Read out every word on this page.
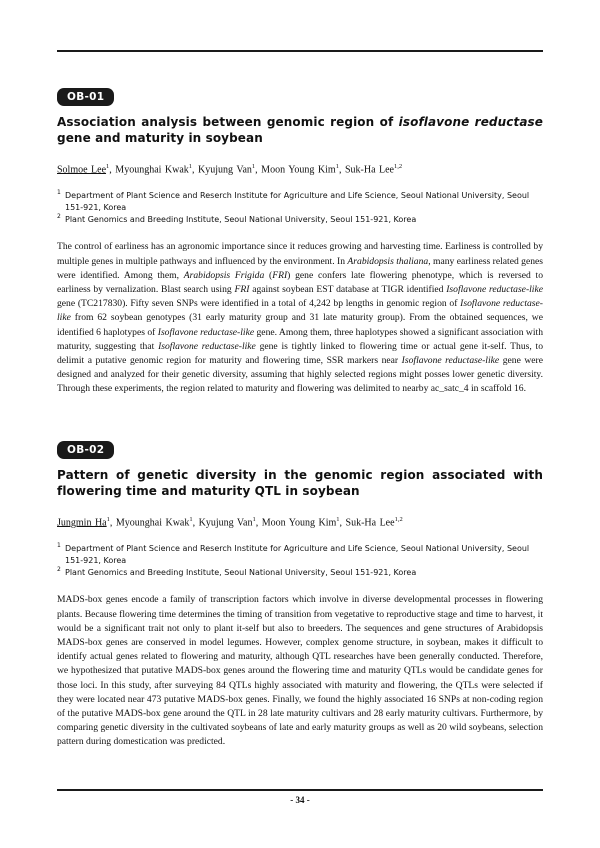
OB-01
Association analysis between genomic region of isoflavone reductase gene and maturity in soybean
Solmoe Lee$^1$, Myounghai Kwak$^1$, Kyujung Van$^1$, Moon Young Kim$^1$, Suk-Ha Lee$^{1,2}$
1 Department of Plant Science and Reserch Institute for Agriculture and Life Science, Seoul National University, Seoul 151-921, Korea
2 Plant Genomics and Breeding Institute, Seoul National University, Seoul 151-921, Korea
The control of earliness has an agronomic importance since it reduces growing and harvesting time. Earliness is controlled by multiple genes in multiple pathways and influenced by the environment. In Arabidopsis thaliana, many earliness related genes were identified. Among them, Arabidopsis Frigida (FRI) gene confers late flowering phenotype, which is reversed to earliness by vernalization. Blast search using FRI against soybean EST database at TIGR identified Isoflavone reductase-like gene (TC217830). Fifty seven SNPs were identified in a total of 4,242 bp lengths in genomic region of Isoflavone reductase-like from 62 soybean genotypes (31 early maturity group and 31 late maturity group). From the obtained sequences, we identified 6 haplotypes of Isoflavone reductase-like gene. Among them, three haplotypes showed a significant association with maturity, suggesting that Isoflavone reductase-like gene is tightly linked to flowering time or actual gene it-self. Thus, to delimit a putative genomic region for maturity and flowering time, SSR markers near Isoflavone reductase-like gene were designed and analyzed for their genetic diversity, assuming that highly selected regions might posses lower genetic diversity. Through these experiments, the region related to maturity and flowering was delimited to nearby ac_satc_4 in scaffold 16.
OB-02
Pattern of genetic diversity in the genomic region associated with flowering time and maturity QTL in soybean
Jungmin Ha$^1$, Myounghai Kwak$^1$, Kyujung Van$^1$, Moon Young Kim$^1$, Suk-Ha Lee$^{1,2}$
1 Department of Plant Science and Reserch Institute for Agriculture and Life Science, Seoul National University, Seoul 151-921, Korea
2 Plant Genomics and Breeding Institute, Seoul National University, Seoul 151-921, Korea
MADS-box genes encode a family of transcription factors which involve in diverse developmental processes in flowering plants. Because flowering time determines the timing of transition from vegetative to reproductive stage and time to harvest, it would be a significant trait not only to plant it-self but also to breeders. The sequences and gene structures of Arabidopsis MADS-box genes are conserved in model legumes. However, complex genome structure, in soybean, makes it difficult to identify actual genes related to flowering and maturity, although QTL researches have been generally conducted. Therefore, we hypothesized that putative MADS-box genes around the flowering time and maturity QTLs would be candidate genes for those loci. In this study, after surveying 84 QTLs highly associated with maturity and flowering, the QTLs were selected if they were located near 473 putative MADS-box genes. Finally, we found the highly associated 16 SNPs at non-coding region of the putative MADS-box gene around the QTL in 28 late maturity cultivars and 28 early maturity cultivars. Furthermore, by comparing genetic diversity in the cultivated soybeans of late and early maturity groups as well as 20 wild soybeans, selection pattern during domestication was predicted.
- 34 -
